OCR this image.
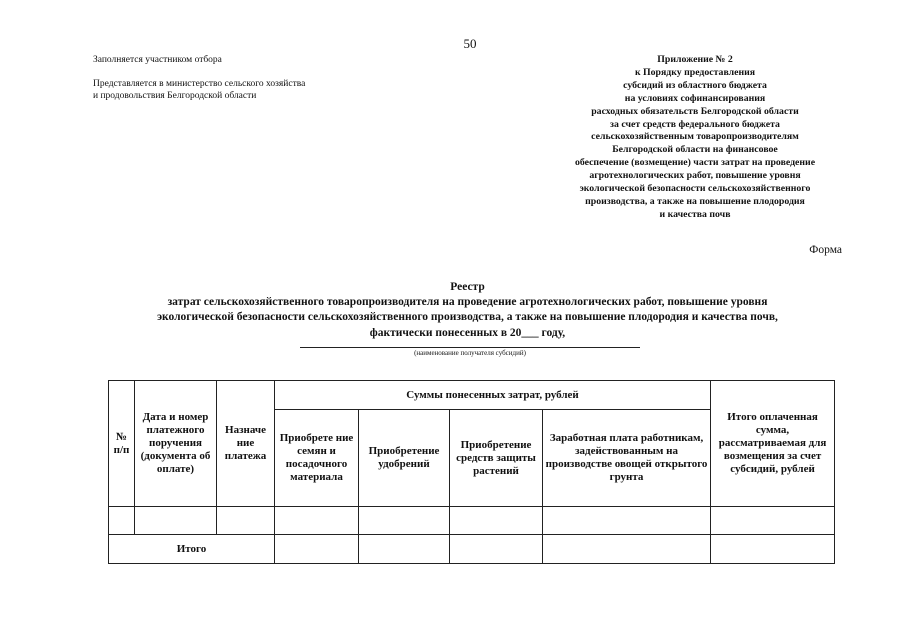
50
Заполняется участником отбора
Представляется в министерство сельского хозяйства
и продовольствия Белгородской области
Приложение № 2
к Порядку предоставления
субсидий из областного бюджета
на условиях софинансирования
расходных обязательств Белгородской области
за счет средств федерального бюджета
сельскохозяйственным товаропроизводителям
Белгородской области на финансовое
обеспечение (возмещение) части затрат на проведение
агротехнологических работ, повышение уровня
экологической безопасности сельскохозяйственного
производства, а также на повышение плодородия
и качества почв
Форма
Реестр
затрат сельскохозяйственного товаропроизводителя на проведение агротехнологических работ, повышение уровня
экологической безопасности сельскохозяйственного производства, а также на повышение плодородия и качества почв,
фактически понесенных в 20___ году,
(наименование получателя субсидий)
№ п/п	Дата и номер платежного поручения (документа об оплате)	Назначе ние платежа	Суммы понесенных затрат, рублей				Итого оплаченная сумма, рассматриваемая для возмещения за счет субсидий, рублей
			Приобрете ние семян и посадочного материала	Приобретение удобрений	Приобретение средств защиты растений	Заработная плата работникам, задействованным на производстве овощей открытого грунта	

Итого							
